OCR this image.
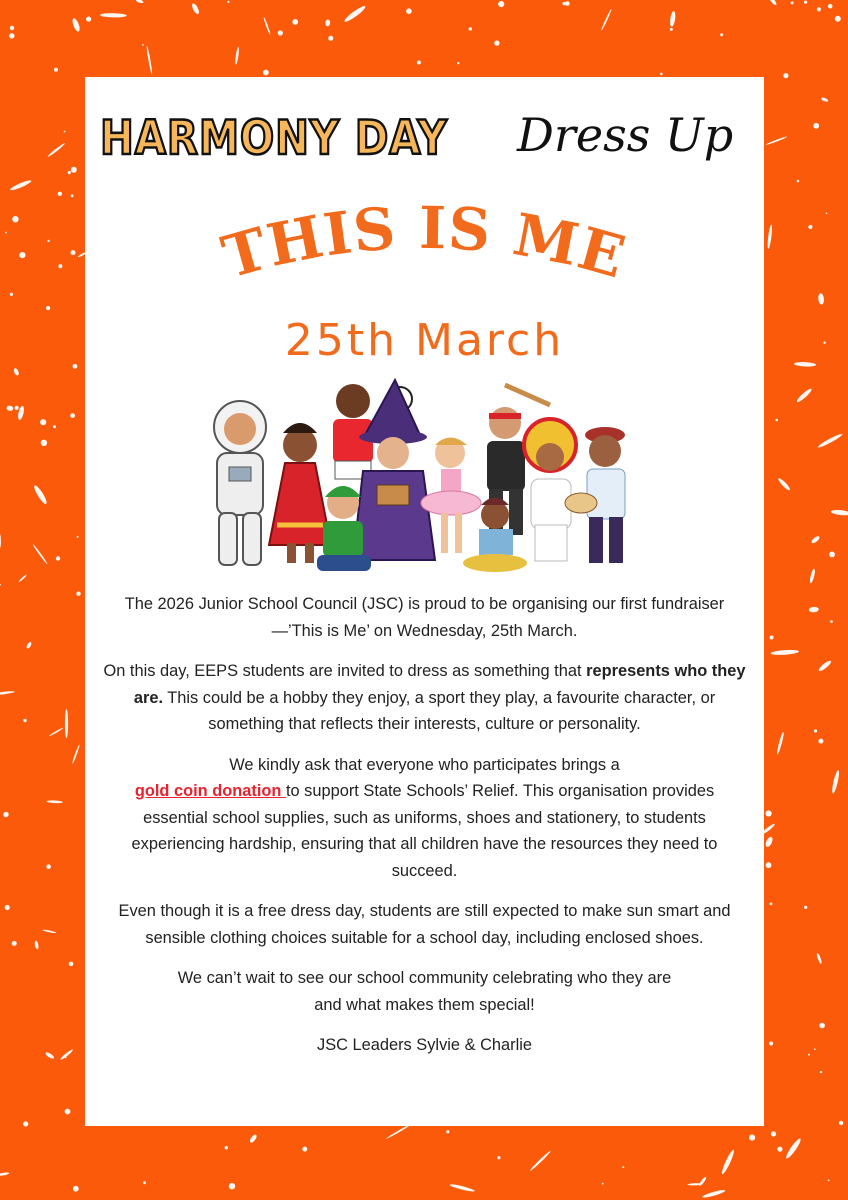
HARMONY DAY Dress Up
THIS IS ME
25th March

The 2026 Junior School Council (JSC) is proud to be organising our first fundraiser—’This is Me’ on Wednesday, 25th March.

On this day, EEPS students are invited to dress as something that represents who they are. This could be a hobby they enjoy, a sport they play, a favourite character, or something that reflects their interests, culture or personality.

We kindly ask that everyone who participates brings a
gold coin donation to support State Schools’ Relief. This organisation provides essential school supplies, such as uniforms, shoes and stationery, to students experiencing hardship, ensuring that all children have the resources they need to succeed.

Even though it is a free dress day, students are still expected to make sun smart and sensible clothing choices suitable for a school day, including enclosed shoes.

We can’t wait to see our school community celebrating who they are and what makes them special!

JSC Leaders Sylvie & Charlie
